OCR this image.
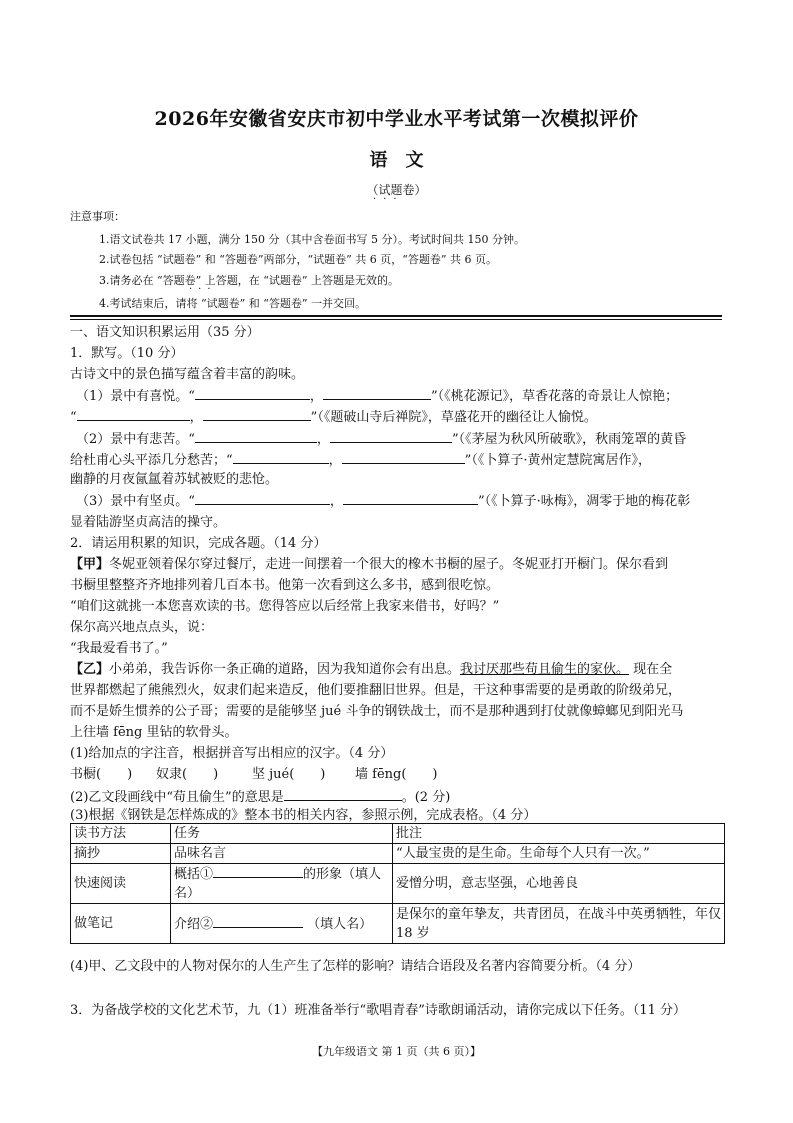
2026年安徽省安庆市初中学业水平考试第一次模拟评价
语文
（试题卷）
···
注意事项：
1.语文试卷共 17 小题，满分 150 分（其中含卷面书写 5 分）。考试时间共 150 分钟。
2.试卷包括 “试题卷” 和 “答题卷”两部分，“试题卷” 共 6 页，“答题卷” 共 6 页。
3.请务必在 “答题卷” 上答题，在 “试题卷” 上答题是无效的。
···
4.考试结束后，请将 “试题卷” 和 “答题卷” 一并交回。
一、语文知识积累运用（35 分）
1．默写。（10 分）
古诗文中的景色描写蕴含着丰富的韵味。
（1）景中有喜悦。“	，	”（《桃花源记》，草香花落的奇景让人惊艳；
“	，	”（《题破山寺后禅院》，草盛花开的幽径让人愉悦。
（2）景中有悲苦。“	，	”（《茅屋为秋风所破歌》，秋雨笼罩的黄昏
给杜甫心头平添几分愁苦；“	，	”（《卜算子·黄州定慧院寓居作》，
幽静的月夜氤氲着苏轼被贬的悲怆。
（3）景中有坚贞。“	，	”（《卜算子·咏梅》，凋零于地的梅花彰
显着陆游坚贞高洁的操守。
2．请运用积累的知识，完成各题。（14 分）
【甲】冬妮亚领着保尔穿过餐厅，走进一间摆着一个很大的橡木书橱的屋子。冬妮亚打开橱门。保尔看到
书橱里整整齐齐地排列着几百本书。他第一次看到这么多书，感到很吃惊。
“咱们这就挑一本您喜欢读的书。您得答应以后经常上我家来借书，好吗？”
保尔高兴地点点头，说：
“我最爱看书了。”
【乙】小弟弟，我告诉你一条正确的道路，因为我知道你会有出息。我讨厌那些苟且偷生的家伙。 现在全
世界都燃起了熊熊烈火，奴隶们起来造反，他们要推翻旧世界。但是，干这种事需要的是勇敢的阶级弟兄，
而不是娇生惯养的公子哥；需要的是能够坚 jué 斗争的钢铁战士，而不是那种遇到打仗就像蟑螂见到阳光马
上往墙 fēng 里钻的软骨头。
(1)给加点的字注音，根据拼音写出相应的汉字。（4 分）
书橱(　　) 奴隶(　　)	坚 jué(　　) 墙 fēng(　　)
(2)乙文段画线中“苟且偷生”的意思是	。(2 分)
(3)根据《钢铁是怎样炼成的》整本书的相关内容，参照示例，完成表格。（4 分）
读书方法	任务	批注
摘抄	品味名言	“人最宝贵的是生命。生命每个人只有一次。”
快速阅读	概括① 的形象（填人
名）	爱憎分明，意志坚强，心地善良
做笔记	介绍② （填人名）	是保尔的童年挚友，共青团员，在战斗中英勇牺牲，年仅 18 岁
(4)甲、乙文段中的人物对保尔的人生产生了怎样的影响？请结合语段及名著内容简要分析。（4 分）
3．为备战学校的文化艺术节，九（1）班准备举行“歌唱青春”诗歌朗诵活动，请你完成以下任务。（11 分）
【九年级语文 第 1 页（共 6 页）】
